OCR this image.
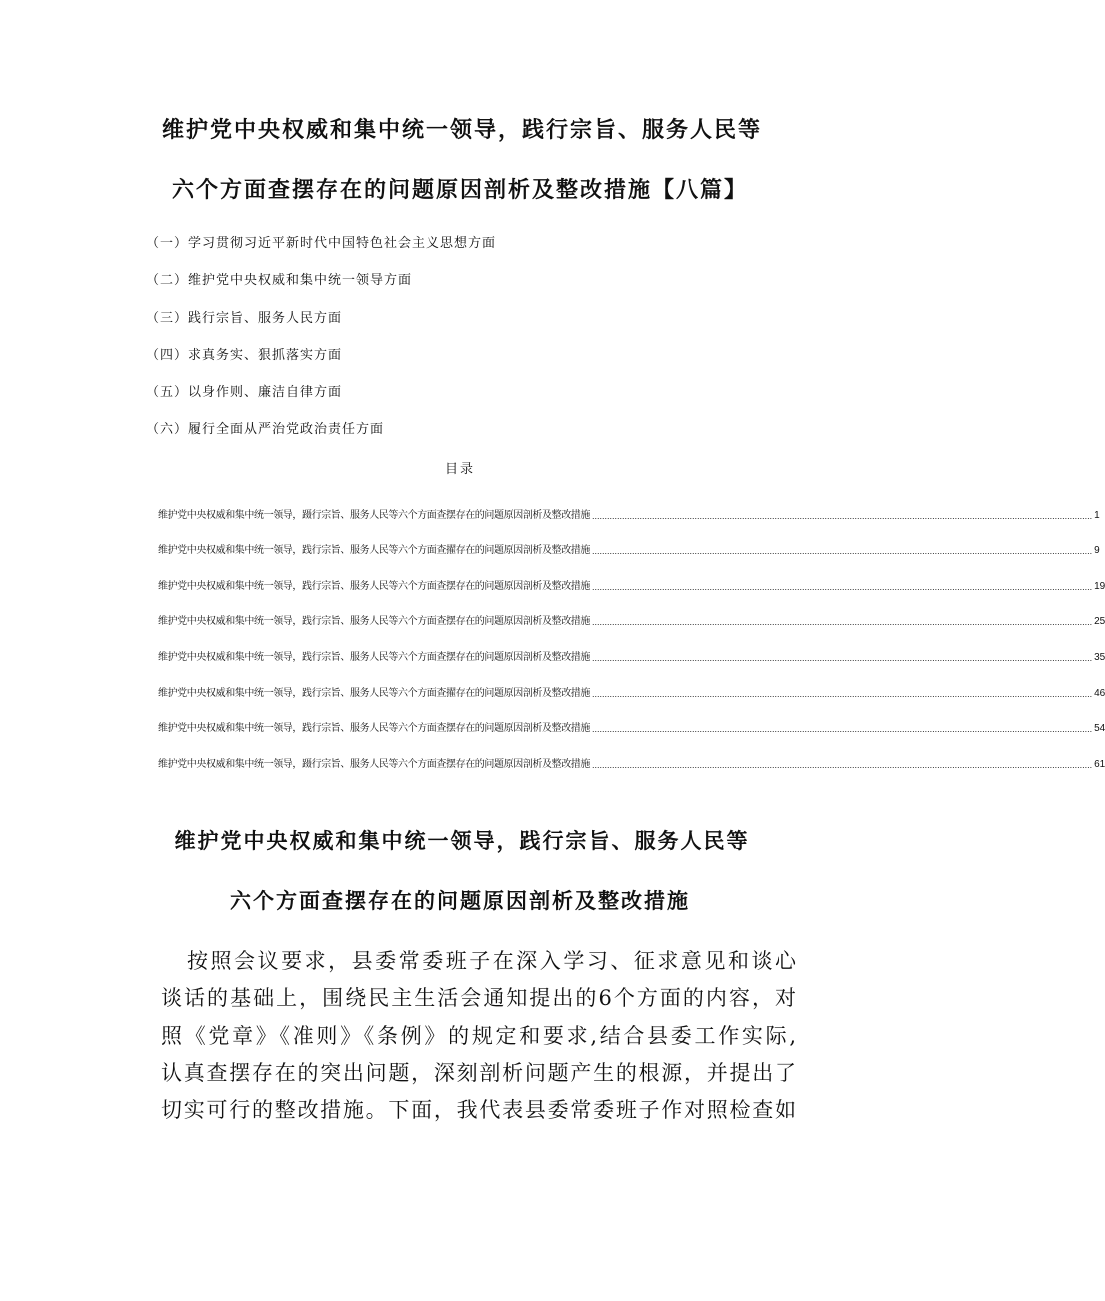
维护党中央权威和集中统一领导，践行宗旨、服务人民等
六个方面查摆存在的问题原因剖析及整改措施【八篇】
（一）学习贯彻习近平新时代中国特色社会主义思想方面
（二）维护党中央权威和集中统一领导方面
（三）践行宗旨、服务人民方面
（四）求真务实、狠抓落实方面
（五）以身作则、廉洁自律方面
（六）履行全面从严治党政治责任方面
目录
维护党中央权威和集中统一领导，蹑行宗旨、服务人民等六个方面查摆存在的问题原因剖析及整改措施 ........................................................................................................................................................................................................ 1
维护党中央权威和集中统一领导，践行宗旨、服务人民等六个方面查擢存在的问题原因剖析及整改措施 ........................................................................................................................................................................................................ 9
维护党中央权威和集中统一领导，践行宗旨、服务人民等六个方面查摆存在的问题原因剖析及整改措施 ........................................................................................................................................................................................................ 19
维护党中央权威和集中统一领导，践行宗旨、服务人民等六个方面查摆存在的问题原因剖析及整改措施 ........................................................................................................................................................................................................ 25
维护党中央权威和集中统一领导，践行宗旨、服务人民等六个方面查摆存在的问题原因剖析及整改措施 ........................................................................................................................................................................................................ 35
维护党中央权威和集中统一领导，践行宗旨、服务人民等六个方面查擢存在的问题原因剖析及整改措施 ........................................................................................................................................................................................................ 46
维护党中央权威和集中统一领导，践行宗旨、服务人民等六个方面查摆存在的问题原因剖析及整改措施 ........................................................................................................................................................................................................ 54
维护党中央权威和集中统一领导，蹑行宗旨、服务人民等六个方面查摆存在的问题原因剖析及整改措施 ........................................................................................................................................................................................................ 61
维护党中央权威和集中统一领导，践行宗旨、服务人民等
六个方面查摆存在的问题原因剖析及整改措施

按照会议要求，县委常委班子在深入学习、征求意见和谈心
谈话的基础上，围绕民主生活会通知提出的6个方面的内容，对
照《党章》《准则》《条例》的规定和要求,结合县委工作实际,
认真查摆存在的突出问题，深刻剖析问题产生的根源，并提出了
切实可行的整改措施。下面，我代表县委常委班子作对照检查如
